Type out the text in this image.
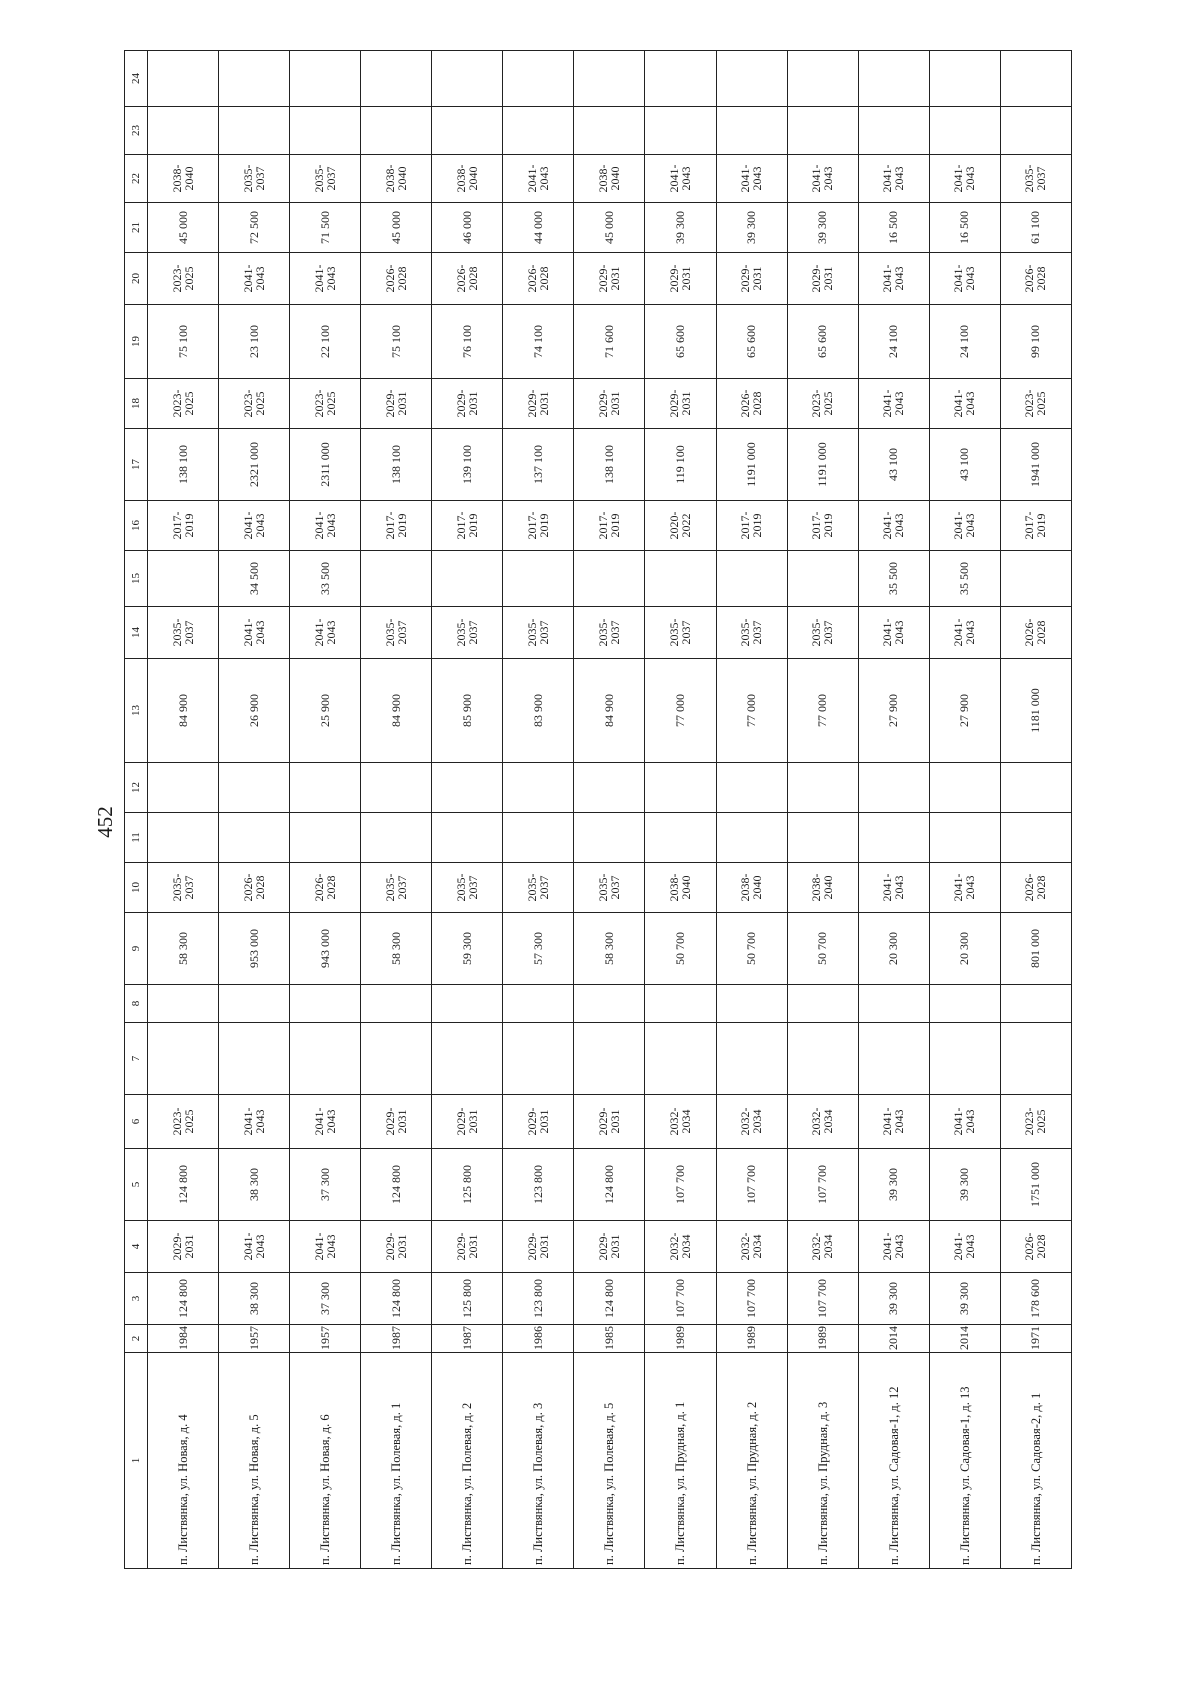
452
1	2	3	4	5	6	7	8	9	10	11	12	13	14	15	16	17	18	19	20	21	22	23	24
п. Листвянка, ул. Новая, д. 4	1984	124 800	2029-2031	124 800	2023-2025			58 300	2035-2037			84 900	2035-2037		2017-2019	138 100	2023-2025	75 100	2023-2025	45 000	2038-2040		
п. Листвянка, ул. Новая, д. 5	1957	38 300	2041-2043	38 300	2041-2043			953 000	2026-2028			26 900	2041-2043	34 500	2041-2043	2321 000	2023-2025	23 100	2041-2043	72 500	2035-2037		
п. Листвянка, ул. Новая, д. 6	1957	37 300	2041-2043	37 300	2041-2043			943 000	2026-2028			25 900	2041-2043	33 500	2041-2043	2311 000	2023-2025	22 100	2041-2043	71 500	2035-2037		
п. Листвянка, ул. Полевая, д. 1	1987	124 800	2029-2031	124 800	2029-2031			58 300	2035-2037			84 900	2035-2037		2017-2019	138 100	2029-2031	75 100	2026-2028	45 000	2038-2040		
п. Листвянка, ул. Полевая, д. 2	1987	125 800	2029-2031	125 800	2029-2031			59 300	2035-2037			85 900	2035-2037		2017-2019	139 100	2029-2031	76 100	2026-2028	46 000	2038-2040		
п. Листвянка, ул. Полевая, д. 3	1986	123 800	2029-2031	123 800	2029-2031			57 300	2035-2037			83 900	2035-2037		2017-2019	137 100	2029-2031	74 100	2026-2028	44 000	2041-2043		
п. Листвянка, ул. Полевая, д. 5	1985	124 800	2029-2031	124 800	2029-2031			58 300	2035-2037			84 900	2035-2037		2017-2019	138 100	2029-2031	71 600	2029-2031	45 000	2038-2040		
п. Листвянка, ул. Прудная, д. 1	1989	107 700	2032-2034	107 700	2032-2034			50 700	2038-2040			77 000	2035-2037		2020-2022	119 100	2029-2031	65 600	2029-2031	39 300	2041-2043		
п. Листвянка, ул. Прудная, д. 2	1989	107 700	2032-2034	107 700	2032-2034			50 700	2038-2040			77 000	2035-2037		2017-2019	1191 000	2026-2028	65 600	2029-2031	39 300	2041-2043		
п. Листвянка, ул. Прудная, д. 3	1989	107 700	2032-2034	107 700	2032-2034			50 700	2038-2040			77 000	2035-2037		2017-2019	1191 000	2023-2025	65 600	2029-2031	39 300	2041-2043		
п. Листвянка, ул. Садовая-1, д. 12	2014	39 300	2041-2043	39 300	2041-2043			20 300	2041-2043			27 900	2041-2043	35 500	2041-2043	43 100	2041-2043	24 100	2041-2043	16 500	2041-2043		
п. Листвянка, ул. Садовая-1, д. 13	2014	39 300	2041-2043	39 300	2041-2043			20 300	2041-2043			27 900	2041-2043	35 500	2041-2043	43 100	2041-2043	24 100	2041-2043	16 500	2041-2043		
п. Листвянка, ул. Садовая-2, д. 1	1971	178 600	2026-2028	1751 000	2023-2025			801 000	2026-2028			1181 000	2026-2028		2017-2019	1941 000	2023-2025	99 100	2026-2028	61 100	2035-2037		
